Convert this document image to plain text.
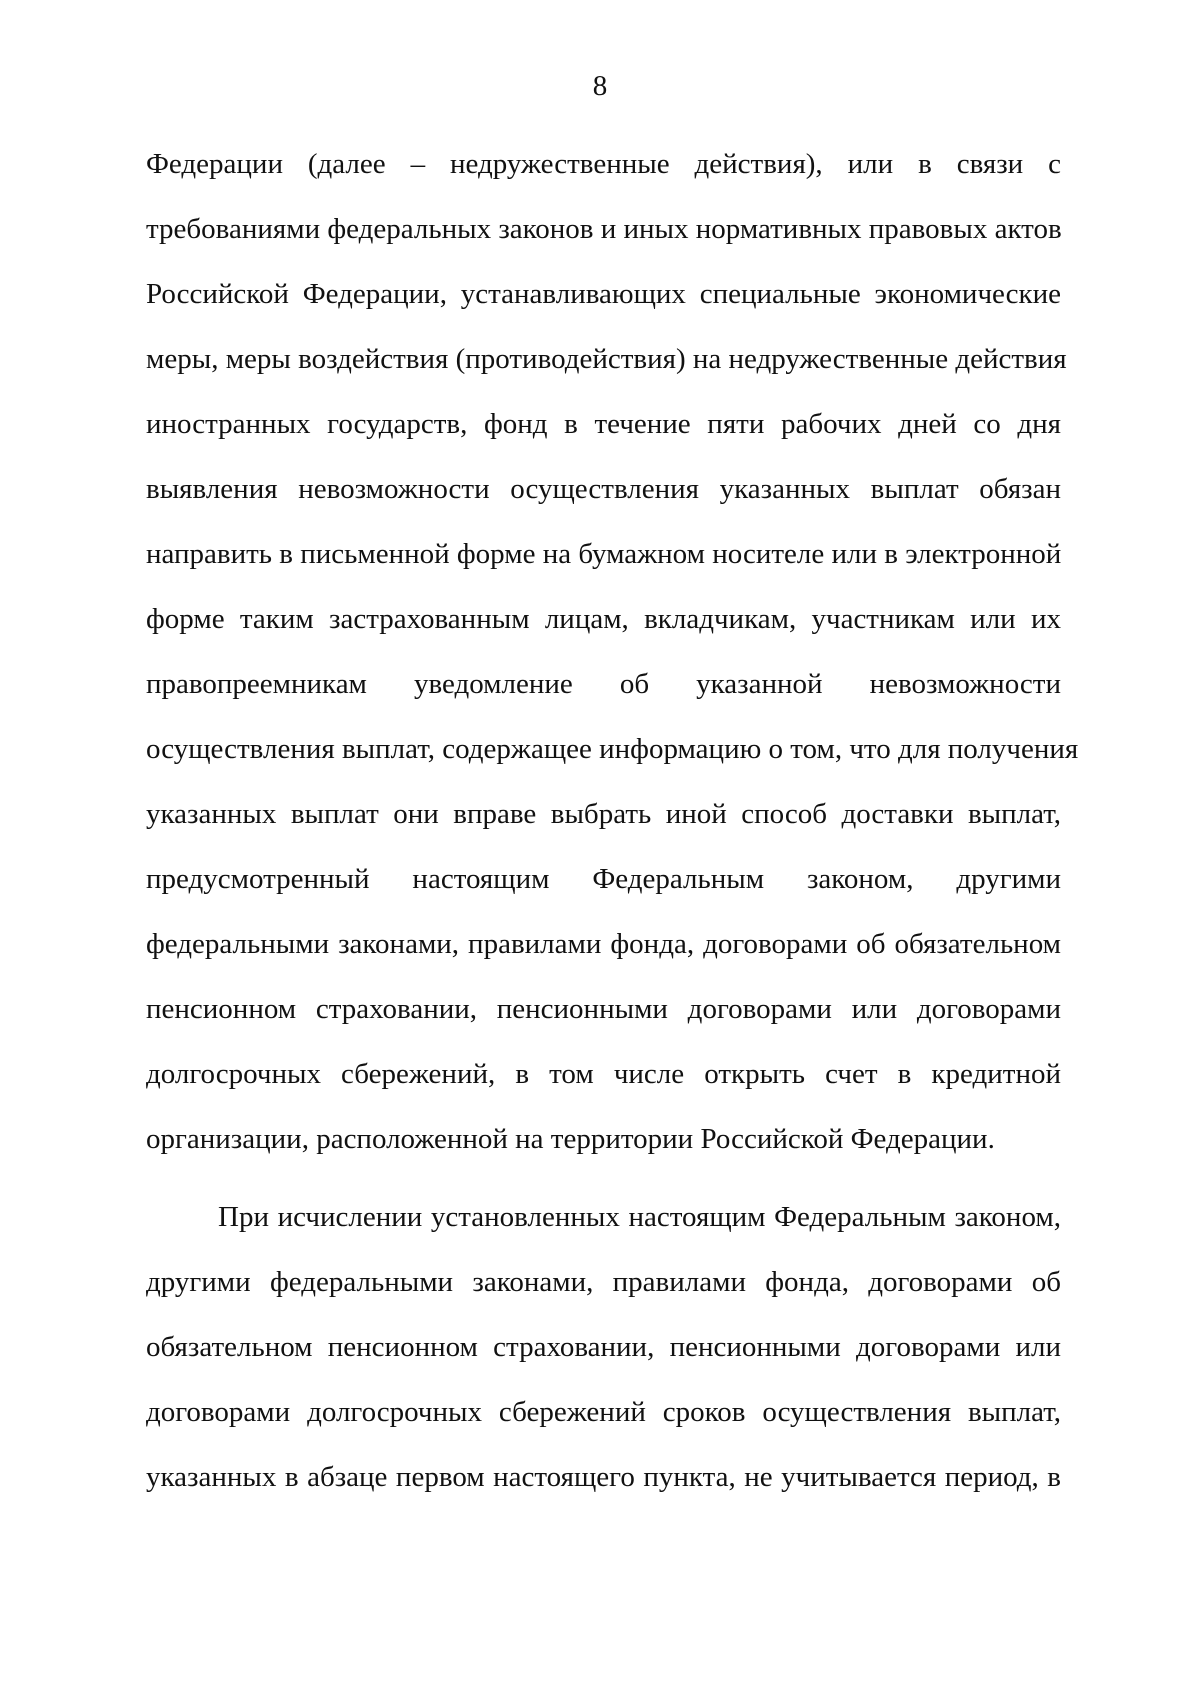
8
Федерации (далее – недружественные действия), или в связи с
требованиями федеральных законов и иных нормативных правовых актов
Российской Федерации, устанавливающих специальные экономические
меры, меры воздействия (противодействия) на недружественные действия
иностранных государств, фонд в течение пяти рабочих дней со дня
выявления невозможности осуществления указанных выплат обязан
направить в письменной форме на бумажном носителе или в электронной
форме таким застрахованным лицам, вкладчикам, участникам или их
правопреемникам уведомление об указанной невозможности
осуществления выплат, содержащее информацию о том, что для получения
указанных выплат они вправе выбрать иной способ доставки выплат,
предусмотренный настоящим Федеральным законом, другими
федеральными законами, правилами фонда, договорами об обязательном
пенсионном страховании, пенсионными договорами или договорами
долгосрочных сбережений, в том числе открыть счет в кредитной
организации, расположенной на территории Российской Федерации.
При исчислении установленных настоящим Федеральным законом,
другими федеральными законами, правилами фонда, договорами об
обязательном пенсионном страховании, пенсионными договорами или
договорами долгосрочных сбережений сроков осуществления выплат,
указанных в абзаце первом настоящего пункта, не учитывается период, в
